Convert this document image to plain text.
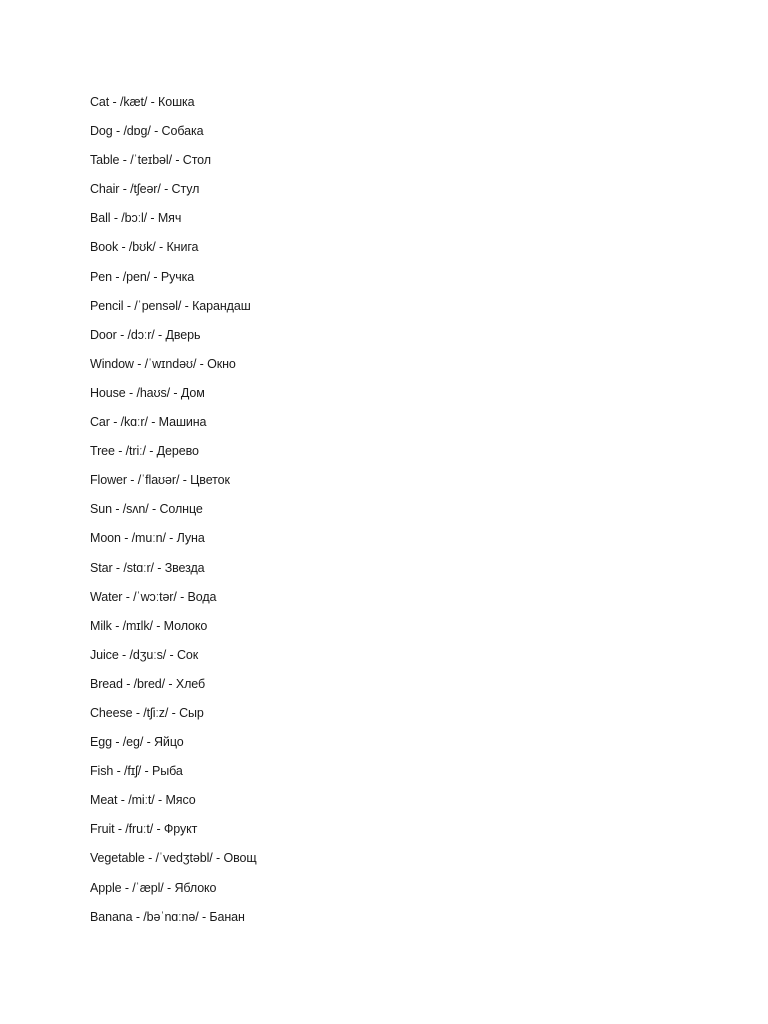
Cat - /kæt/ - Кошка
Dog - /dɒg/ - Собака
Table - /ˈteɪbəl/ - Стол
Chair - /tʃeər/ - Стул
Ball - /bɔːl/ - Мяч
Book - /bʊk/ - Книга
Pen - /pen/ - Ручка
Pencil - /ˈpensəl/ - Карандаш
Door - /dɔːr/ - Дверь
Window - /ˈwɪndəʊ/ - Окно
House - /haʊs/ - Дом
Car - /kɑːr/ - Машина
Tree - /triː/ - Дерево
Flower - /ˈflaʊər/ - Цветок
Sun - /sʌn/ - Солнце
Moon - /muːn/ - Луна
Star - /stɑːr/ - Звезда
Water - /ˈwɔːtər/ - Вода
Milk - /mɪlk/ - Молоко
Juice - /dʒuːs/ - Сок
Bread - /bred/ - Хлеб
Cheese - /tʃiːz/ - Сыр
Egg - /eg/ - Яйцо
Fish - /fɪʃ/ - Рыба
Meat - /miːt/ - Мясо
Fruit - /fruːt/ - Фрукт
Vegetable - /ˈvedʒtəbl/ - Овощ
Apple - /ˈæpl/ - Яблоко
Banana - /bəˈnɑːnə/ - Банан
